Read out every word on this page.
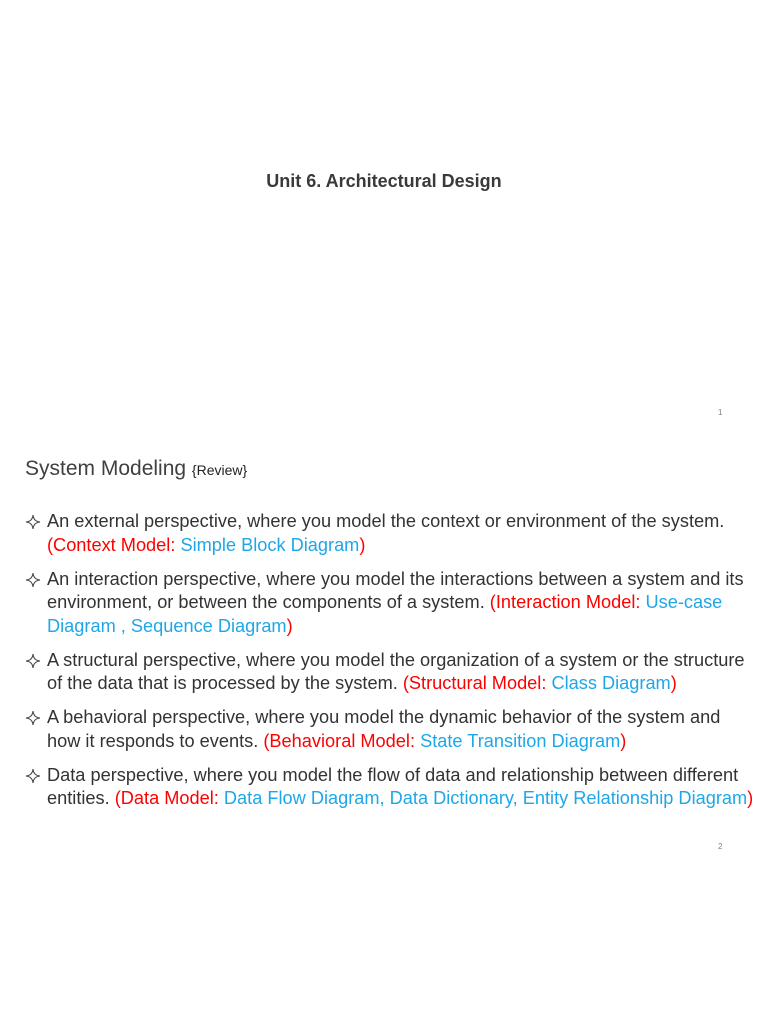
Unit 6. Architectural Design
1
System Modeling {Review}
An external perspective, where you model the context or environment of the system. (Context Model: Simple Block Diagram)
An interaction perspective, where you model the interactions between a system and its environment, or between the components of a system. (Interaction Model: Use-case Diagram , Sequence Diagram)
A structural perspective, where you model the organization of a system or the structure of the data that is processed by the system. (Structural Model: Class Diagram)
A behavioral perspective, where you model the dynamic behavior of the system and how it responds to events. (Behavioral Model: State Transition Diagram)
Data perspective, where you model the flow of data and relationship between different entities. (Data Model: Data Flow Diagram, Data Dictionary, Entity Relationship Diagram)
2
